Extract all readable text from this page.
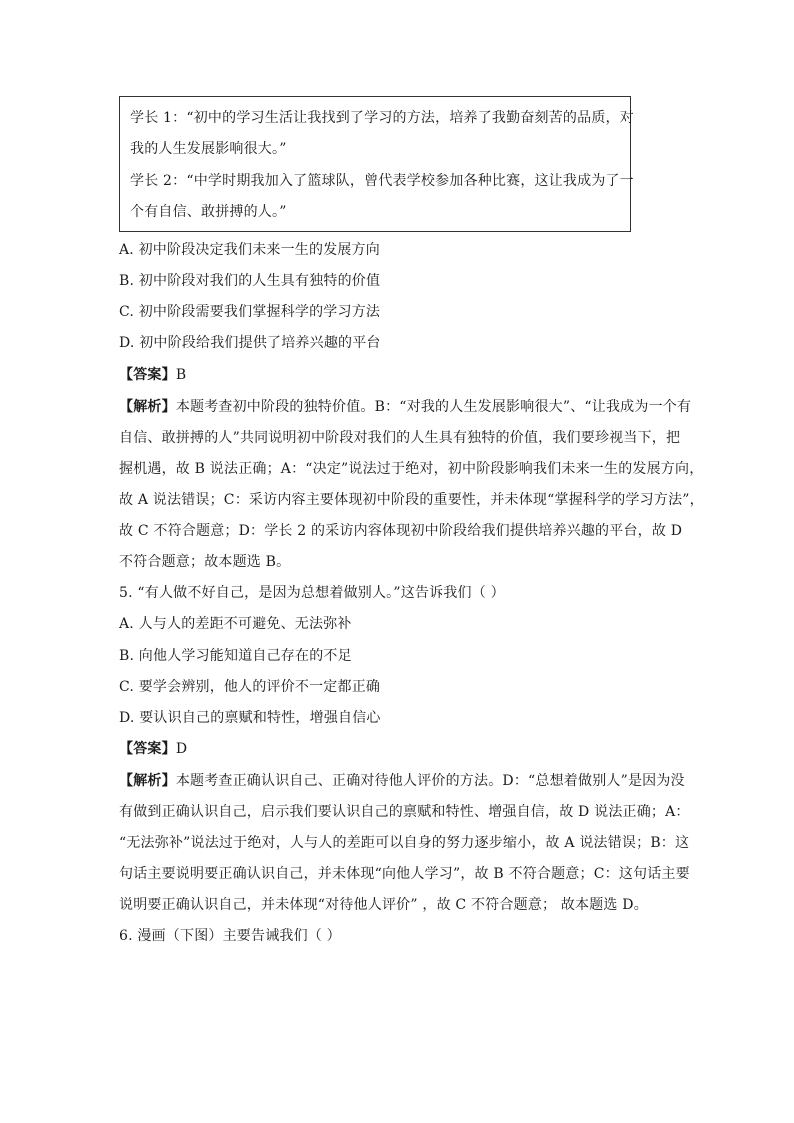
学长 1：“初中的学习生活让我找到了学习的方法，培养了我勤奋刻苦的品质，对
我的人生发展影响很大。”
学长 2：“中学时期我加入了篮球队，曾代表学校参加各种比赛，这让我成为了一
个有自信、敢拼搏的人。”
A. 初中阶段决定我们未来一生的发展方向
B. 初中阶段对我们的人生具有独特的价值
C. 初中阶段需要我们掌握科学的学习方法
D. 初中阶段给我们提供了培养兴趣的平台
【答案】B
【解析】本题考查初中阶段的独特价值。B：“对我的人生发展影响很大”、“让我成为一个有
自信、敢拼搏的人”共同说明初中阶段对我们的人生具有独特的价值，我们要珍视当下，把
握机遇，故 B 说法正确；A：“决定”说法过于绝对，初中阶段影响我们未来一生的发展方向，
故 A 说法错误；C：采访内容主要体现初中阶段的重要性，并未体现“掌握科学的学习方法”，
故 C 不符合题意；D：学长 2 的采访内容体现初中阶段给我们提供培养兴趣的平台，故 D
不符合题意；故本题选 B。
5. “有人做不好自己，是因为总想着做别人。”这告诉我们（ ）
A. 人与人的差距不可避免、无法弥补
B. 向他人学习能知道自己存在的不足
C. 要学会辨别，他人的评价不一定都正确
D. 要认识自己的禀赋和特性，增强自信心
【答案】D
【解析】本题考查正确认识自己、正确对待他人评价的方法。D：“总想着做别人”是因为没
有做到正确认识自己，启示我们要认识自己的禀赋和特性、增强自信，故 D 说法正确；A：
“无法弥补”说法过于绝对，人与人的差距可以自身的努力逐步缩小，故 A 说法错误；B：这
句话主要说明要正确认识自己，并未体现“向他人学习”，故 B 不符合题意；C：这句话主要
说明要正确认识自己，并未体现“对待他人评价” ，故 C 不符合题意； 故本题选 D。
6. 漫画（下图）主要告诫我们（ ）
